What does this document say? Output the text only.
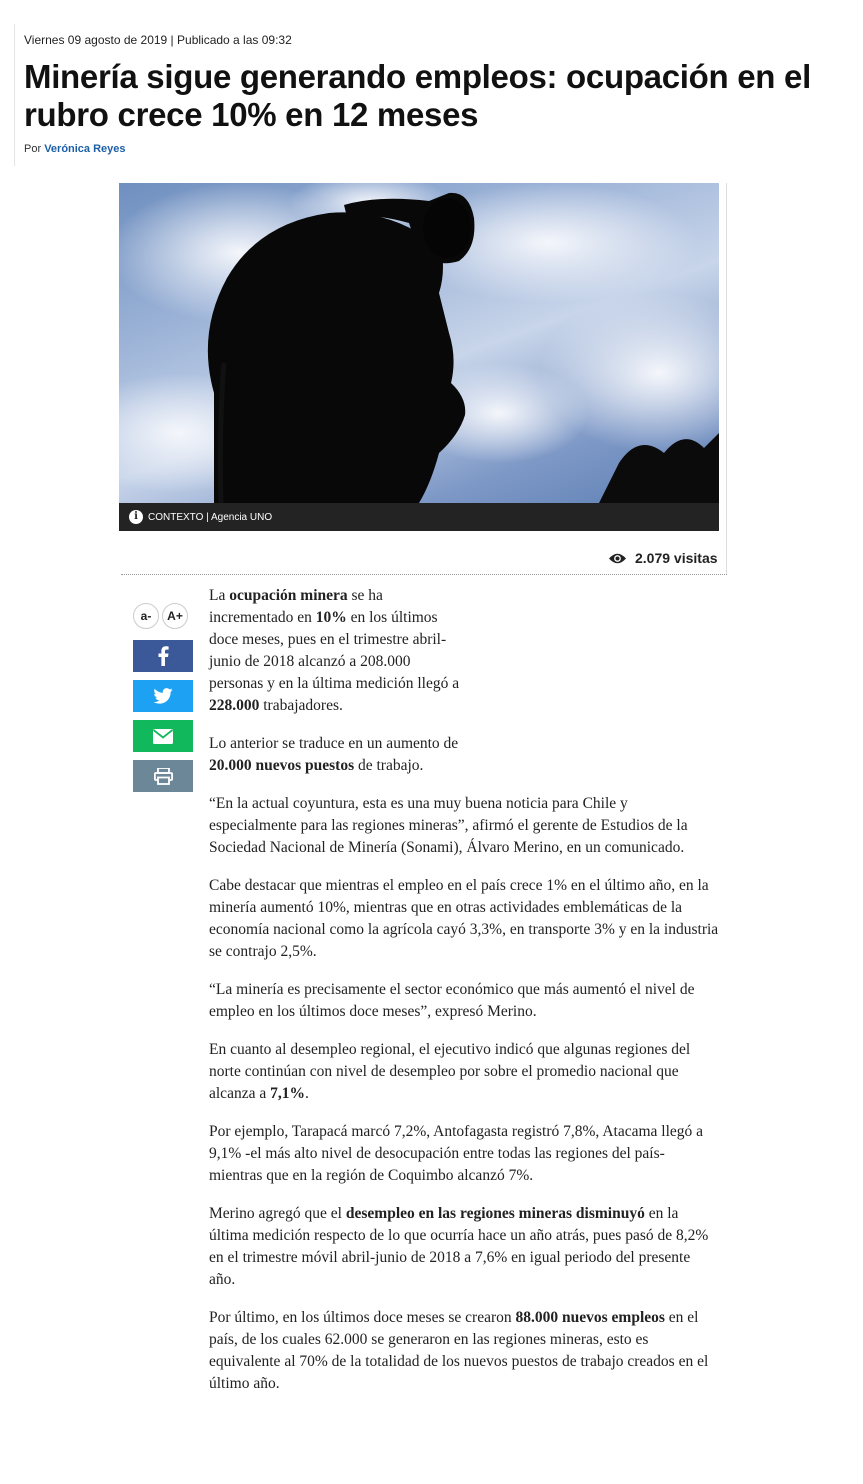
Viernes 09 agosto de 2019 | Publicado a las 09:32
Minería sigue generando empleos: ocupación en el rubro crece 10% en 12 meses
Por Verónica Reyes
i	CONTEXTO | Agencia UNO
2.079 visitas
a-	A+

La ocupación minera se ha incrementado en 10% en los últimos doce meses, pues en el trimestre abril-junio de 2018 alcanzó a 208.000 personas y en la última medición llegó a 228.000 trabajadores.

Lo anterior se traduce en un aumento de 20.000 nuevos puestos de trabajo.

“En la actual coyuntura, esta es una muy buena noticia para Chile y especialmente para las regiones mineras”, afirmó el gerente de Estudios de la Sociedad Nacional de Minería (Sonami), Álvaro Merino, en un comunicado.

Cabe destacar que mientras el empleo en el país crece 1% en el último año, en la minería aumentó 10%, mientras que en otras actividades emblemáticas de la economía nacional como la agrícola cayó 3,3%, en transporte 3% y en la industria se contrajo 2,5%.

“La minería es precisamente el sector económico que más aumentó el nivel de empleo en los últimos doce meses”, expresó Merino.

En cuanto al desempleo regional, el ejecutivo indicó que algunas regiones del norte continúan con nivel de desempleo por sobre el promedio nacional que alcanza a 7,1%.

Por ejemplo, Tarapacá marcó 7,2%, Antofagasta registró 7,8%, Atacama llegó a 9,1% -el más alto nivel de desocupación entre todas las regiones del país- mientras que en la región de Coquimbo alcanzó 7%.

Merino agregó que el desempleo en las regiones mineras disminuyó en la última medición respecto de lo que ocurría hace un año atrás, pues pasó de 8,2% en el trimestre móvil abril-junio de 2018 a 7,6% en igual periodo del presente año.

Por último, en los últimos doce meses se crearon 88.000 nuevos empleos en el país, de los cuales 62.000 se generaron en las regiones mineras, esto es equivalente al 70% de la totalidad de los nuevos puestos de trabajo creados en el último año.
